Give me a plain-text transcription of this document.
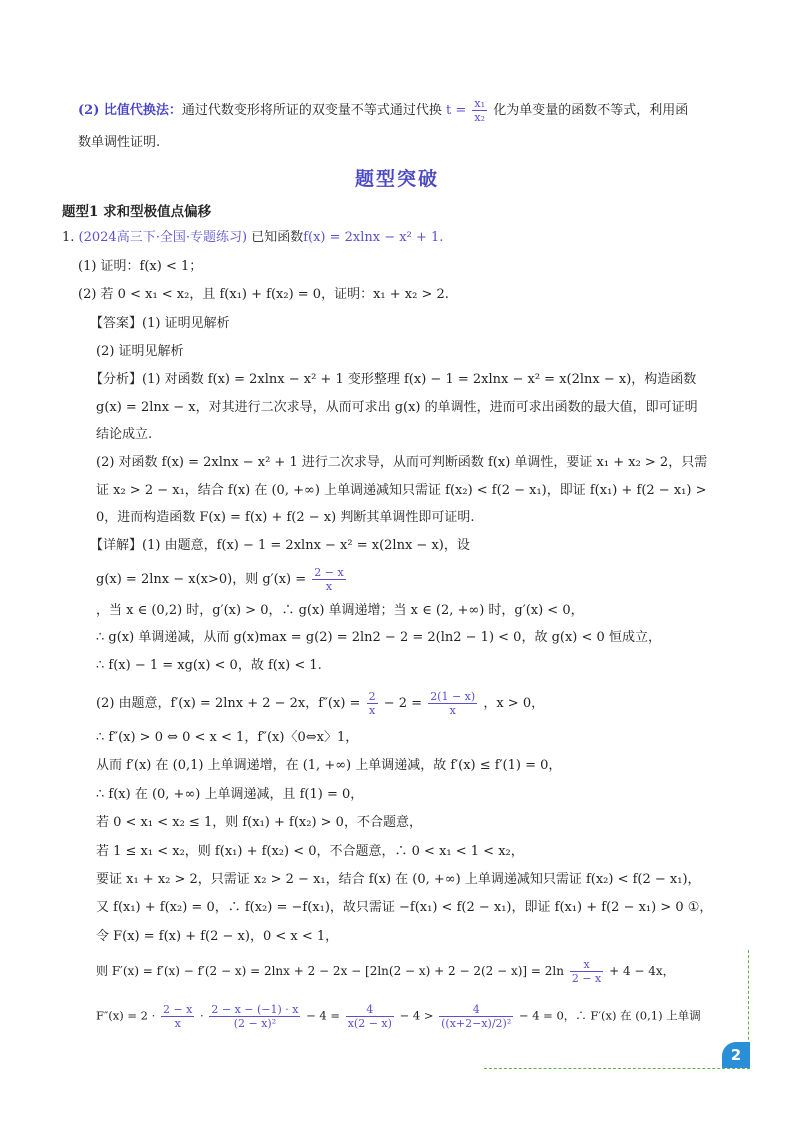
(2) 比值代换法：通过代数变形将所证的双变量不等式通过代换 $t = \frac{\text{x₁}}{\text{x₂}}$ 化为单变量的函数不等式，利用函
数单调性证明.
题型突破
题型1 求和型极值点偏移
1. (2024高三下·全国·专题练习) 已知函数f(x) = 2xlnx − x² + 1.
(1) 证明：f(x) < 1；
(2) 若 0 < x₁ < x₂，且 f(x₁) + f(x₂) = 0，证明：x₁ + x₂ > 2.
【答案】(1) 证明见解析
(2) 证明见解析
【分析】(1) 对函数 f(x) = 2xlnx − x² + 1 变形整理 f(x) − 1 = 2xlnx − x² = x(2lnx − x)，构造函数
g(x) = 2lnx − x，对其进行二次求导，从而可求出 g(x) 的单调性，进而可求出函数的最大值，即可证明
结论成立.
(2) 对函数 f(x) = 2xlnx − x² + 1 进行二次求导，从而可判断函数 f(x) 单调性，要证 x₁ + x₂ > 2，只需
证 x₂ > 2 − x₁，结合 f(x) 在 (0, +∞) 上单调递减知只需证 f(x₂) < f(2 − x₁)，即证 f(x₁) + f(2 − x₁) >
0，进而构造函数 F(x) = f(x) + f(2 − x) 判断其单调性即可证明.
【详解】(1) 由题意，f(x) − 1 = 2xlnx − x² = x(2lnx − x)，设
g(x) = 2lnx − x(x>0)，则 $g'(x) = \frac{2 - x}{x}$
，当 x ∈ (0,2) 时，g′(x) > 0，∴ g(x) 单调递增；当 x ∈ (2, +∞) 时，g′(x) < 0，
∴ g(x) 单调递减，从而 g(x)max = g(2) = 2ln2 − 2 = 2(ln2 − 1) < 0，故 g(x) < 0 恒成立，
∴ f(x) − 1 = xg(x) < 0，故 f(x) < 1.
(2) 由题意，f′(x) = 2lnx + 2 − 2x，$f''(x) = \frac{2}{x} - 2 = \frac{2(1 - x)}{x}$ ，x > 0，
∴ f″(x) > 0 ⇔ 0 < x < 1，f″(x)〈0⇔x〉1，
从而 f′(x) 在 (0,1) 上单调递增，在 (1, +∞) 上单调递减，故 f′(x) ≤ f′(1) = 0，
∴ f(x) 在 (0, +∞) 上单调递减，且 f(1) = 0，
若 0 < x₁ < x₂ ≤ 1，则 f(x₁) + f(x₂) > 0，不合题意，
若 1 ≤ x₁ < x₂，则 f(x₁) + f(x₂) < 0，不合题意，∴ 0 < x₁ < 1 < x₂，
要证 x₁ + x₂ > 2，只需证 x₂ > 2 − x₁，结合 f(x) 在 (0, +∞) 上单调递减知只需证 f(x₂) < f(2 − x₁)，
又 f(x₁) + f(x₂) = 0，∴ f(x₂) = −f(x₁)，故只需证 −f(x₁) < f(2 − x₁)，即证 f(x₁) + f(2 − x₁) > 0 ①，
令 F(x) = f(x) + f(2 − x)，0 < x < 1，
则 $F'(x) = f'(x) - f'(2 - x) = 2\ln x + 2 - 2x - [2\ln(2 - x) + 2 - 2(2 - x)] = 2\ln \frac{x}{2 - x} + 4 - 4x$，
$F''(x) = 2 \cdot \frac{2 - x}{x} \cdot \frac{2 - x - (-1) \cdot x}{\text{(2 − x)²}} - 4 = \frac{4}{x(2 - x)} - 4 > \frac{4}{\text{((x+2−x)/2)²}} - 4 = 0$，∴ F′(x) 在 (0,1) 上单调
2
